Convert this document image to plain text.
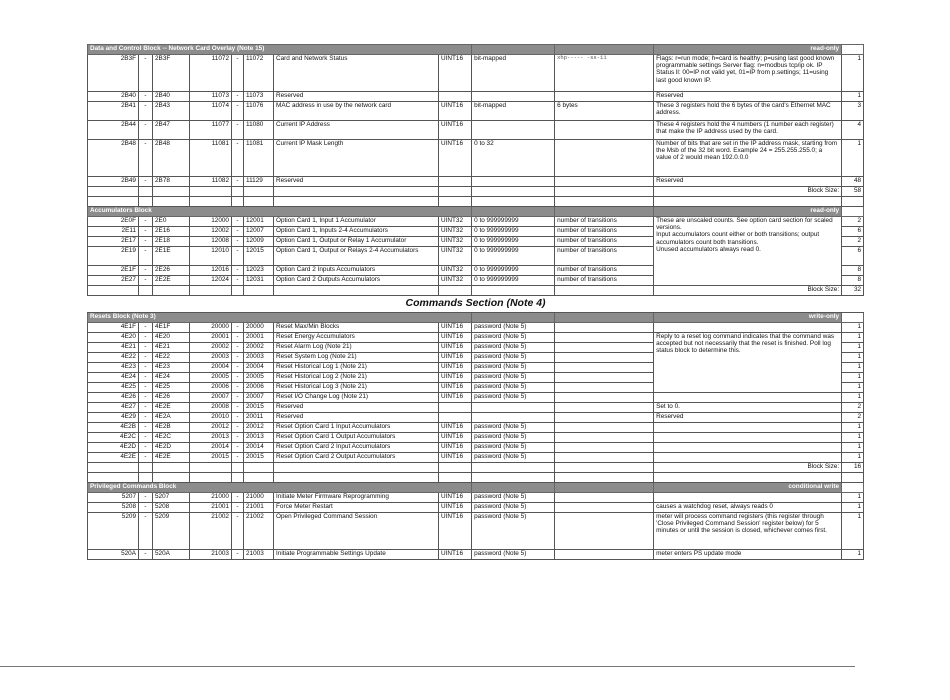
Data and Control Block -- Network Card Overlay (Note 15)										read-only	
2B3F	-	2B3F	11072	-	11072	Card and Network Status	UINT16	bit-mapped	xhp----- -ss-11	Flags: r=run mode; h=card is healthy; p=using last good known programmable settings Server flag: n=modbus tcp/ip ok. IP Status ll: 00=IP not valid yet, 01=IP from p.settings; 11=using last good known IP.	1
2B40	-	2B40	11073	-	11073	Reserved				Reserved	1
2B41	-	2B43	11074	-	11076	MAC address in use by the network card	UINT16	bit-mapped	6 bytes	These 3 registers hold the 6 bytes of the card's Ethernet MAC address.	3
2B44	-	2B47	11077	-	11080	Current IP Address	UINT16			These 4 registers hold the 4 numbers (1 number each register) that make the IP address used by the card.	4
2B48	-	2B48	11081	-	11081	Current IP Mask Length	UINT16	0 to 32		Number of bits that are set in the IP address mask, starting from the Msb of the 32 bit word. Example 24 = 255.255.255.0; a value of 2 would mean 192.0.0.0	1
2B49	-	2B78	11082	-	11129	Reserved				Reserved	48
										Block Size:	58

Accumulators Block										read-only	
2E0F	-	2E0	12000	-	12001	Option Card 1, Input 1 Accumulator	UINT32	0 to 999999999	number of transitions	These are unscaled counts. See option card section for scaled versions.
Input accumulators count either or both transitions; output accumulators count both transitions.
Unused accumulators always read 0.	2
2E11	-	2E16	12002	-	12007	Option Card 1, Inputs 2-4 Accumulators	UINT32	0 to 999999999	number of transitions		6
2E17	-	2E18	12008	-	12009	Option Card 1, Output or Relay 1 Accumulator	UINT32	0 to 999999999	number of transitions		2
2E19	-	2E1E	12010	-	12015	Option Card 1, Output or Relays 2-4 Accumulators	UINT32	0 to 999999999	number of transitions		6
2E1F	-	2E26	12016	-	12023	Option Card 2 Inputs Accumulators	UINT32	0 to 999999999	number of transitions		8
2E27	-	2E2E	12024	-	12031	Option Card 2 Outputs Accumulators	UINT32	0 to 999999999	number of transitions		8
										Block Size:	32
Commands Section (Note 4)											
Resets Block (Note 3)										write-only	
4E1F	-	4E1F	20000	-	20000	Reset Max/Min Blocks	UINT16	password (Note 5)			1
4E20	-	4E20	20001	-	20001	Reset Energy Accumulators	UINT16	password (Note 5)		Reply to a reset log command indicates that the command was accepted but not necessarily that the reset is finished. Poll log status block to determine this.	1
4E21	-	4E21	20002	-	20002	Reset Alarm Log (Note 21)	UINT16	password (Note 5)			1
4E22	-	4E22	20003	-	20003	Reset System Log (Note 21)	UINT16	password (Note 5)			1
4E23	-	4E23	20004	-	20004	Reset Historical Log 1 (Note 21)	UINT16	password (Note 5)			1
4E24	-	4E24	20005	-	20005	Reset Historical Log 2 (Note 21)	UINT16	password (Note 5)			1
4E25	-	4E25	20006	-	20006	Reset Historical Log 3 (Note 21)	UINT16	password (Note 5)			1
4E26	-	4E26	20007	-	20007	Reset I/O Change Log (Note 21)	UINT16	password (Note 5)			1
4E27	-	4E2E	20008	-	20015	Reserved				Set to 0.	2
4E29	-	4E2A	20010	-	20011	Reserved				Reserved	2
4E2B	-	4E2B	20012	-	20012	Reset Option Card 1 Input Accumulators	UINT16	password (Note 5)			1
4E2C	-	4E2C	20013	-	20013	Reset Option Card 1 Output Accumulators	UINT16	password (Note 5)			1
4E2D	-	4E2D	20014	-	20014	Reset Option Card 2 Input Accumulators	UINT16	password (Note 5)			1
4E2E	-	4E2E	20015	-	20015	Reset Option Card 2 Output Accumulators	UINT16	password (Note 5)			1
										Block Size:	16

Privileged Commands Block										conditional write	
5207	-	5207	21000	-	21000	Initiate Meter Firmware Reprogramming	UINT16	password (Note 5)			1
5208	-	5208	21001	-	21001	Force Meter Restart	UINT16	password (Note 5)		causes a watchdog reset, always reads 0	1
5209	-	5209	21002	-	21002	Open Privileged Command Session	UINT16	password (Note 5)		meter will process command registers (this register through 'Close Privileged Command Session' register below) for 5 minutes or until the session is closed, whichever comes first.	1
520A	-	520A	21003	-	21003	Initiate Programmable Settings Update	UINT16	password (Note 5)		meter enters PS update mode	1
